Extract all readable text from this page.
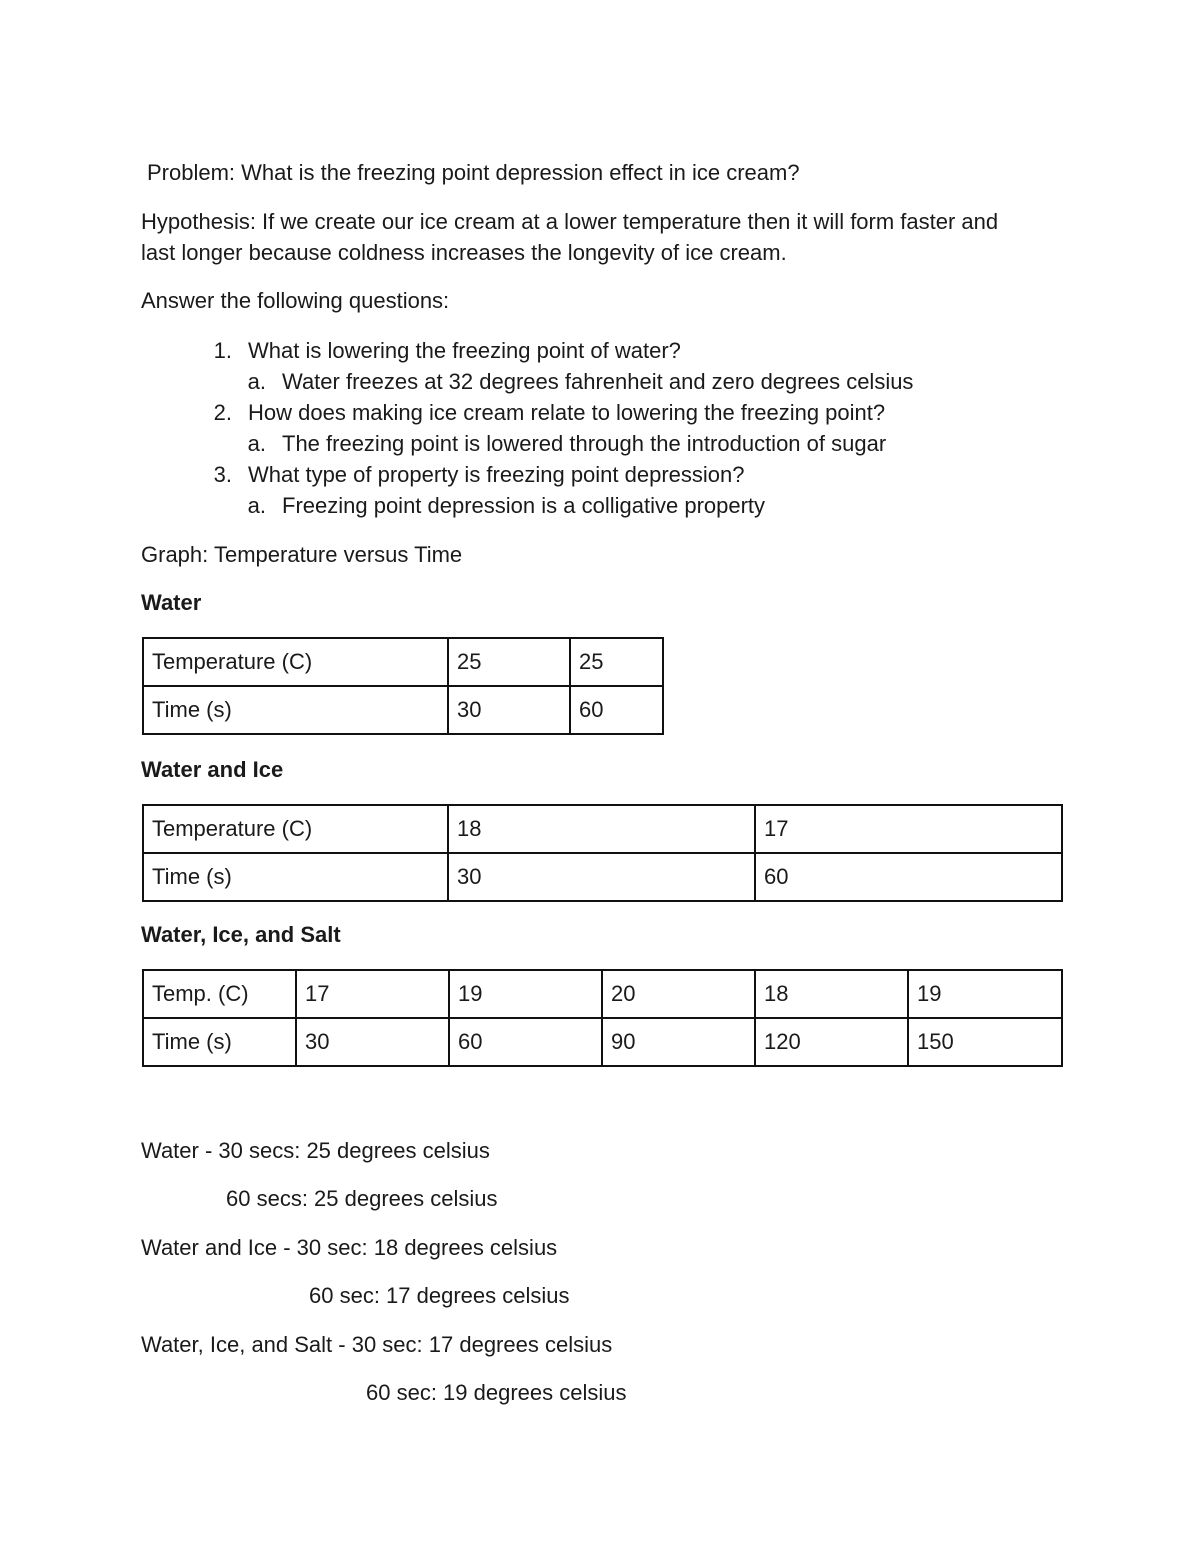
Problem: What is the freezing point depression effect in ice cream?
Hypothesis: If we create our ice cream at a lower temperature then it will form faster and
last longer because coldness increases the longevity of ice cream.
Answer the following questions:
1. What is lowering the freezing point of water?
a. Water freezes at 32 degrees fahrenheit and zero degrees celsius
2. How does making ice cream relate to lowering the freezing point?
a. The freezing point is lowered through the introduction of sugar
3. What type of property is freezing point depression?
a. Freezing point depression is a colligative property
Graph: Temperature versus Time
Water
Temperature (C)	25	25
Time (s)	30	60
Water and Ice
Temperature (C)	18	17
Time (s)	30	60
Water, Ice, and Salt
Temp. (C)	17	19	20	18	19
Time (s)	30	60	90	120	150
Water - 30 secs: 25 degrees celsius
60 secs: 25 degrees celsius
Water and Ice - 30 sec: 18 degrees celsius
60 sec: 17 degrees celsius
Water, Ice, and Salt - 30 sec: 17 degrees celsius
60 sec: 19 degrees celsius
